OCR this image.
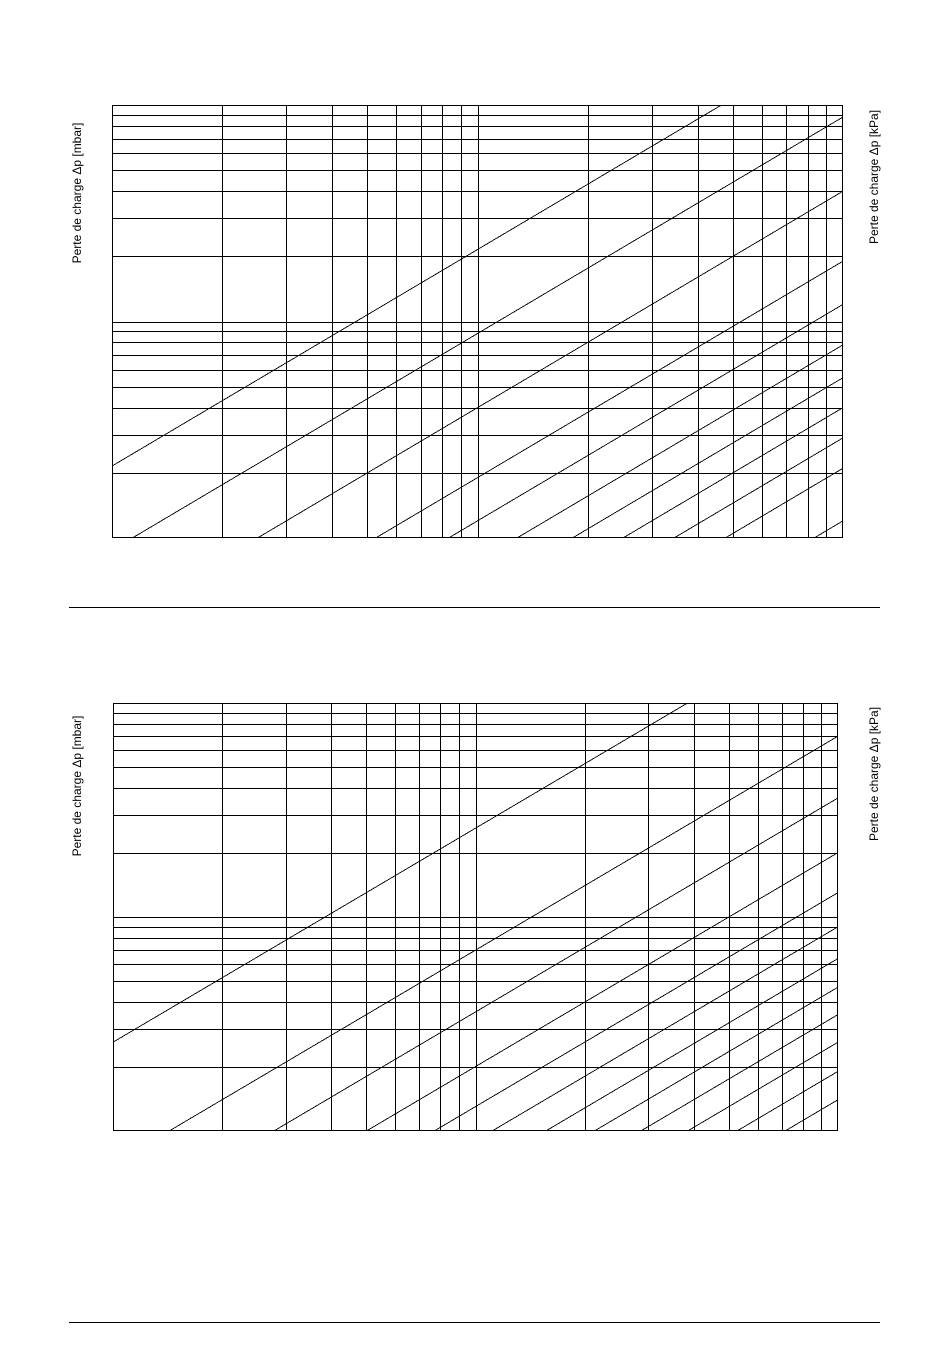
Perte de charge Δp [mbar]	Perte de charge Δp [kPa]
Perte de charge Δp [mbar]	Perte de charge Δp [kPa]
